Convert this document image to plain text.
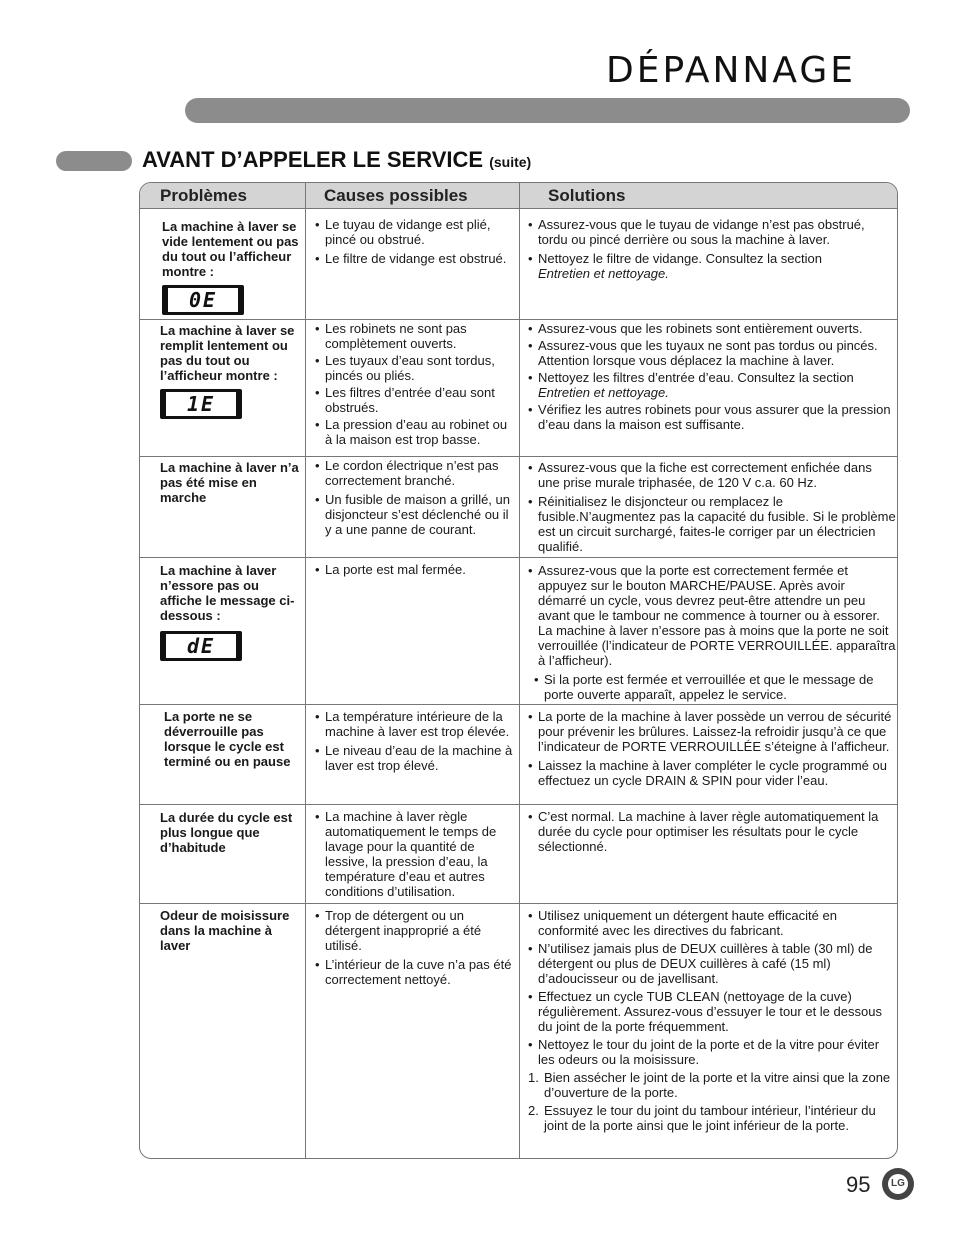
DÉPANNAGE
AVANT D’APPELER LE SERVICE (suite)
Problèmes	Causes possibles	Solutions
La machine à laver se vide lentement ou pas du tout ou l’afficheur montre :
0E
• Le tuyau de vidange est plié, pincé ou obstrué.
• Le filtre de vidange est obstrué.
• Assurez-vous que le tuyau de vidange n’est pas obstrué, tordu ou pincé derrière ou sous la machine à laver.
• Nettoyez le filtre de vidange. Consultez la section
Entretien et nettoyage.
La machine à laver se remplit lentement ou pas du tout ou l’afficheur montre :
1E
• Les robinets ne sont pas complètement ouverts.
• Les tuyaux d’eau sont tordus, pincés ou pliés.
• Les filtres d’entrée d’eau sont obstrués.
• La pression d’eau au robinet ou à la maison est trop basse.
• Assurez-vous que les robinets sont entièrement ouverts.
• Assurez-vous que les tuyaux ne sont pas tordus ou pincés. Attention lorsque vous déplacez la machine à laver.
• Nettoyez les filtres d’entrée d’eau. Consultez la section
Entretien et nettoyage.
• Vérifiez les autres robinets pour vous assurer que la pression d’eau dans la maison est suffisante.
La machine à laver n’a pas été mise en marche
• Le cordon électrique n’est pas correctement branché.
• Un fusible de maison a grillé, un disjoncteur s’est déclenché ou il y a une panne de courant.
• Assurez-vous que la fiche est correctement enfichée dans une prise murale triphasée, de 120 V c.a. 60 Hz.
• Réinitialisez le disjoncteur ou remplacez le fusible.N’augmentez pas la capacité du fusible. Si le problème est un circuit surchargé, faites-le corriger par un électricien qualifié.
La machine à laver n’essore pas ou affiche le message ci-dessous :
dE
• La porte est mal fermée.
•	Assurez-vous que la porte est correctement fermée et appuyez sur le bouton MARCHE/PAUSE. Après avoir démarré un cycle, vous devrez peut-être attendre un peu avant que le tambour ne commence à tourner ou à essorer. La machine à laver n’essore pas à moins que la porte ne soit verrouillée (l’indicateur de PORTE VERROUILLÉE. apparaîtra à l’afficheur).
• Si la porte est fermée et verrouillée et que le message de porte ouverte apparaît, appelez le service.
La porte ne se déverrouille pas lorsque le cycle est terminé ou en pause
• La température intérieure de la machine à laver est trop élevée.
• Le niveau d’eau de la machine à laver est trop élevé.
• La porte de la machine à laver possède un verrou de sécurité pour prévenir les brûlures. Laissez-la refroidir jusqu’à ce que l’indicateur de PORTE VERROUILLÉE s’éteigne à l’afficheur.
• Laissez la machine à laver compléter le cycle programmé ou effectuez un cycle DRAIN & SPIN pour vider l’eau.
La durée du cycle est plus longue que d’habitude
• La machine à laver règle automatiquement le temps de lavage pour la quantité de lessive, la pression d’eau, la température d’eau et autres conditions d’utilisation.
• C’est normal. La machine à laver règle automatiquement la durée du cycle pour optimiser les résultats pour le cycle sélectionné.
Odeur de moisissure dans la machine à laver
• Trop de détergent ou un détergent inapproprié a été utilisé.
• L’intérieur de la cuve n’a pas été correctement nettoyé.
• Utilisez uniquement un détergent haute efficacité en conformité avec les directives du fabricant.
• N’utilisez jamais plus de DEUX cuillères à table (30 ml) de détergent ou plus de DEUX cuillères à café (15 ml) d’adoucisseur ou de javellisant.
• Effectuez un cycle TUB CLEAN (nettoyage de la cuve) régulièrement. Assurez-vous d’essuyer le tour et le dessous du joint de la porte fréquemment.
• Nettoyez le tour du joint de la porte et de la vitre pour éviter les odeurs ou la moisissure.
1. Bien assécher le joint de la porte et la vitre ainsi que la zone d’ouverture de la porte.
2. Essuyez le tour du joint du tambour intérieur, l’intérieur du joint de la porte ainsi que le joint inférieur de la porte.
95	LG
